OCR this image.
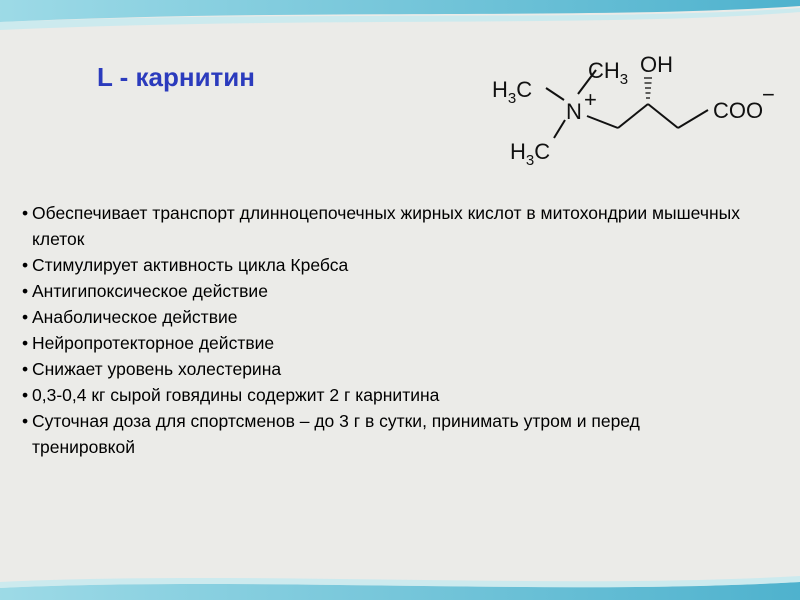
L - карнитин	$CH_3$
OH
$H_3C$
N +	COO
−
$H_3C$
• Обеспечивает транспорт длинноцепочечных жирных кислот в митохондрии мышечных клеток
• Стимулирует активность цикла Кребса
• Антигипоксическое действие
• Анаболическое действие
• Нейропротекторное действие
• Снижает уровень холестерина
• 0,3-0,4 кг сырой говядины содержит 2 г карнитина
• Суточная доза для спортсменов – до 3 г в сутки, принимать утром и перед тренировкой
